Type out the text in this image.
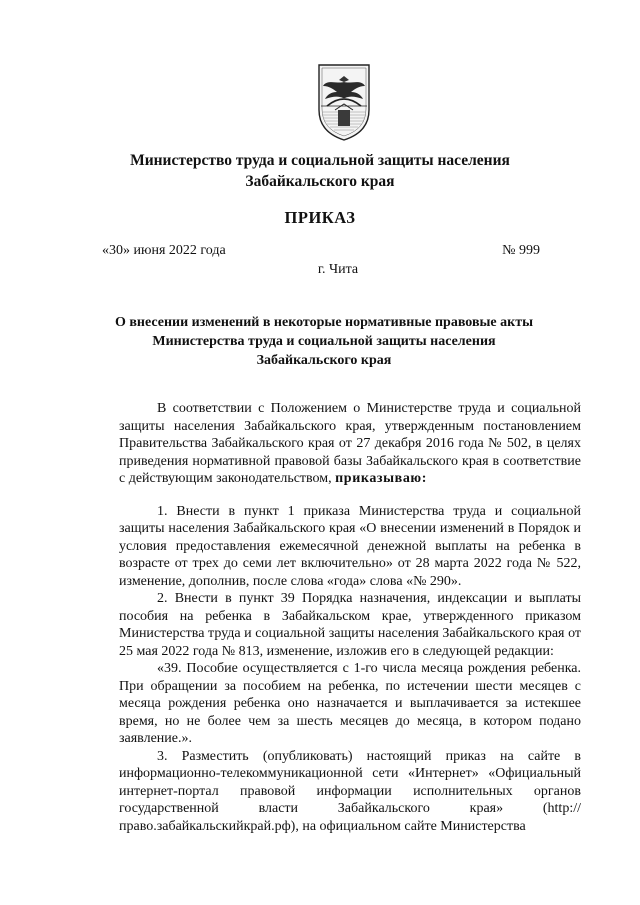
Министерство труда и социальной защиты населения
Забайкальского края
ПРИКАЗ
«30» июня 2022 года	№ 999
г. Чита
О внесении изменений в некоторые нормативные правовые акты
Министерства труда и социальной защиты населения
Забайкальского края

В соответствии с Положением о Министерстве труда и социальной защиты населения Забайкальского края, утвержденным постановлением Правительства Забайкальского края от 27 декабря 2016 года № 502, в целях приведения нормативной правовой базы Забайкальского края в соответствие с действующим законодательством, приказываю:

1. Внести в пункт 1 приказа Министерства труда и социальной защиты населения Забайкальского края «О внесении изменений в Порядок и условия предоставления ежемесячной денежной выплаты на ребенка в возрасте от трех до семи лет включительно» от 28 марта 2022 года № 522, изменение, дополнив, после слова «года» слова «№ 290».

2. Внести в пункт 39 Порядка назначения, индексации и выплаты пособия на ребенка в Забайкальском крае, утвержденного приказом Министерства труда и социальной защиты населения Забайкальского края от 25 мая 2022 года № 813, изменение, изложив его в следующей редакции:

«39. Пособие осуществляется с 1-го числа месяца рождения ребенка. При обращении за пособием на ребенка, по истечении шести месяцев с месяца рождения ребенка оно назначается и выплачивается за истекшее время, но не более чем за шесть месяцев до месяца, в котором подано заявление.».

3. Разместить (опубликовать) настоящий приказ на сайте в информационно-телекоммуникационной сети «Интернет» «Официальный интернет-портал правовой информации исполнительных органов государственной власти Забайкальского края» (http://право.забайкальскийкрай.рф), на официальном сайте Министерства
